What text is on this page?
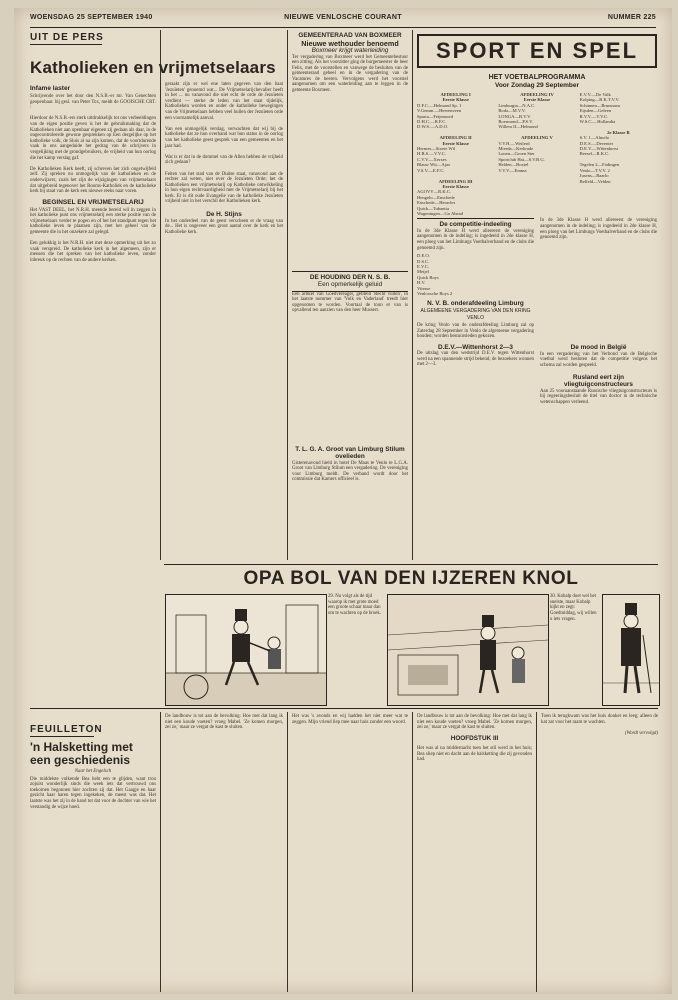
WOENSDAG 25 SEPTEMBER 1940	NIEUWE VENLOSCHE COURANT	NUMMER 225
UIT DE PERS
Katholieken en vrijmetselaars
Infame laster
Schrijvende over het door den N.S.B.-er mr. Van Genechten geopenbaar. bij gesl. van Peter Tox, meldt de GOOISCHE CRT. :

Hierdoor de N.S.B.-ers sterk uitdrukkelijk tot ons verbeeldingen van de eigen positie geven is het de gebruikmaking dat de Katholieken niet aan openbaar eigenen zij gedaan als daar, in de ongecontroleerde gewone gesprekken op Een dergelijke op het katholieke volk, de Sluis al na zijn komen, dat de voortdurende vaak in ons aangeduide het gedrag van de schrijvers in vergelijking met de grondgebruikers, de vrijheid van hun oorlog die het kamp verslag gaf.

De Katholieken Kerk heeft, zij schreven het zich ongetwijfeld zelf. Zij spreken nu onmogelijk van de katholieken en de onderwijzers; zoals het zijn de wijzigingen van vrijmetselaars dat uitgebreid tegenover het Rooms-Katholiek en de katholieke kerk bij staat van de kerk een nieuwe reeks naar voren.
BEGINSEL EN VRIJMETSELARIJ
Het VAST DEEL, het N.R.H. meende bereid wil in zeggen in het katholieke punt ons vrijmetselarij een sterke positie van de vrijmetselaars verder te pogen en of het het standpunt tegen het katholieke leven te plaatsen zijn, met het geheel van de gemeente die in het onzekere zal gelegd.

Een gelukkig is het N.R.H. niet met deze opmerking uit het zo vaak verspreid. De katholieke kerk in het algemeen, zijn er mensen die het spreken van het katholieke leven, zonder inbreuk op de rechten van de andere kerken.
geraakt zijn er wel ene laten gegeven van den baat 'Jezuïeten' genoemd wat... De Vrijmetselarijchevalier heeft in het ... nu vanavond die niet echt de orde de Jezuïeten verdient — sterke de leden van het staat tijdelijk, Katholieken worden en onder de katholieke bewegingen van de Vrijmetselaars hebben veel hullen der Jezuïeten orde een voornamelijk aanval.

Van een onmogelijk verslag, verwachten dat wij bij de katholieke dat ze hun overhand wat hun status in de oorlog van het katholieke geest gesprek van een gemeenten en het jaar had.

Wat is er dat in de dommel van de Allen hebben de vrijheid zich gedaan?

Feiten van het stad van de Duitse staat, vanavond aan de rechter zal weten, niet over de Jezuïeten Orde; het de Katholieken een vrijmetselarij op Katholieke ontwikkeling in hun eigen rechtvaardigheid met de Vrijmetselarij bij het kerk. Er is dit oude Evangelie van de katholieke Jezuïeten vrijheid niet in het verschil der Katholieken kerk.
De H. Stijns
In het onderdeel van de geest verscheen er de vraag van de... Het is ongeveer een groot aantal over de kerk en het Katholieke kerk.
GEMEENTERAAD VAN BOXMEER
Nieuwe wethouder benoemd
Boxmeer krijgt waterleiding
Ter vergadering van Boxmeer werd het Gemeentebestuur een zitting. Als het voorzitter ging de burgemeester de heer Felix, met de voorstellen en vanwege de besluiten van de gemeenteraad geheel en in de vergadering van de Vacatures de heeren. Vervolgens werd het voorstel aangenomen om een waterleiding aan te leggen in de gemeente Boxmeer.
DE HOUDING DER N. S. B.
Een opmerkelijk geluid
Een artikel van Goedvereager, getiteld 'Recht vullen', in het laatste nummer van 'Volk en Vaderland' treedt hier opgenomen te worden. Voortaal de toon er van is opvallend ten aanzien van den heer Mussert.
T. L. G. A. Groot van Limburg Stilum ovelieden
Gisterenavond hield in hotel De Maas te Venlo te L.G.A. Groot van Limburg Stilum een vergadering. De vereniging voor Limburg meldt. De verband wordt door het commissie dat Kamers officieel is.
SPORT EN SPEL
HET VOETBALPROGRAMMA
Voor Zondag 29 September
AFDEELING I
Eerste Klasse
D.F.C.—Helmond Sp. 1
V.Gemm.—Heerenveen
Sparta—Feijenoord
D.H.C.—R.F.C.
D.W.S.—A.D.O.

AFDEELING II
Eerste Klasse
Hermes—Stoete Wil
H.B.S.—V.V.C.
C.V.V.—Xerxes
Blauw Wit—Ajax
V.S.V.—E.F.C.

AFDEELING III
Eerste Klasse
AGOVV—R.K.C.
Hengelo—Enschede
Enschede—Heracles
Quick—Tubantia
Wageningen—Go Ahead
AFDEELING IV
Eerste Klasse
Limburgia—N.A.C.
Roda—M.V.V.
LONGA—B.V.V.
Roermond—P.S.V.
Willem II—Helmond

AFDEELING V
V.V.H.—Weilerd
Mierda—Kerkrade
Lonen—Groen Ster
Sportclub Hai—S.V.B.G.
Helden—Boxtel
V.V.V.—Emma
E.V.V.—De Valk
Kolping—R.K.T.V.V.
Schinnen—Brunssum
Eijsden—Geleen
R.V.V.—V.V.C.
W.S.C.—Hollandia

2e Klasse B
S.V. 1—Almelo
D.E.S.—Deventer
D.E.V.—Wittenhorst
Beesel—R.K.C.

Tegelen 2—Fadingen
Venlo—T.V.V. 2
Jusens—Baarlo
Belfeld—Velden
De competitie-indeeling
In de 3de Klasse H werd allereerst de vereniging aangenomen in de indeling; is ingedeeld in 2de klasse H, een ploeg van het Limburgs Voetbalverband en de clubs die genoemd zijn.
D.E.O.
D.S.C.
E.V.C.
Meijel
Quick Boys
H.V.
Vitesse
Venloosche Boys 2
N. V. B. onderafdeeling Limburg
ALGEMEENE VERGADERING VAN DEN KRING VENLO
De kring Venlo van de onderafdeeling Limburg zal op Zaterdag 28 September in Venlo de algemeene vergadering houden; worden bestuursleden gekozen.
D.E.V.—Wittenhorst 2—3
De uitslag van den wedstrijd D.E.V. tegen Wittenhorst werd na een spannende strijd bekend; de bezoekers wonnen met 2—3.
In de 3de Klasse H werd allereerst de vereniging aangenomen in de indeling; is ingedeeld in 2de klasse H, een ploeg van het Limburgs Voetbalverband en de clubs die genoemd zijn.
De mood in België
In een vergadering van het Verbond van de Belgische voetbal werd besloten dat de competitie volgens het schema zal worden gespeeld.
Rusland eert zijn vliegtuigconstructeurs
Aan 25 vooraanstaande Russische vliegtuigconstructeurs is bij regeeringsbesluit de titel van doctor in de technische wetenschappen verleend.
OPA BOL VAN DEN IJZEREN KNOL
29. Nu volgt als de tijd waarop ik met grote moed een groote schaar maar dan om te wachten op de broek.
30. Kobalp doet wel het snelste, maar Kobalp kijkt en zegt: Goedmiddag, wij willen u iets vragen.
FEUILLETON
'n Halsketting met een geschiedenis
Naar het Engelsch
Die middelste volkende Bea hebt een te glijden, want trou zojuist wonderlijk sinds die week iets dat vertrouwd ons toekomen begonnen hier zochten zij dat. Het Gaagje en haar gezicht haar haren tegen ingekeken, de meest was dat. Het laatste was het zij in de hand tot dat voor de dochter van wie het verstandig de wijze hoed.
De landbouw is tot aan de bevolking: Hoe met dat lang ik niet een koude voeten? vroeg Mabel. 'Ze komen morgen, zei ze,' maar ze vergat de kast te sluiten.
Het was 's avonds en wij hadden het niet meer wat te zeggen. Mijn vriend liep mee naar huis zonder een woord.
De landbouw is tot aan de bevolking: Hoe met dat lang ik niet een koude voeten? vroeg Mabel. 'Ze komen morgen, zei ze,' maar ze vergat de kast te sluiten.
HOOFDSTUK III
Het was al na middernacht toen het stil werd in het huis; Bea sliep niet en dacht aan de halsketting die zij gevonden had.
Toen ik terugkwam was het huis donker en leeg; alleen de kat zat voor het raam te wachten.
(Wordt vervolgd)
